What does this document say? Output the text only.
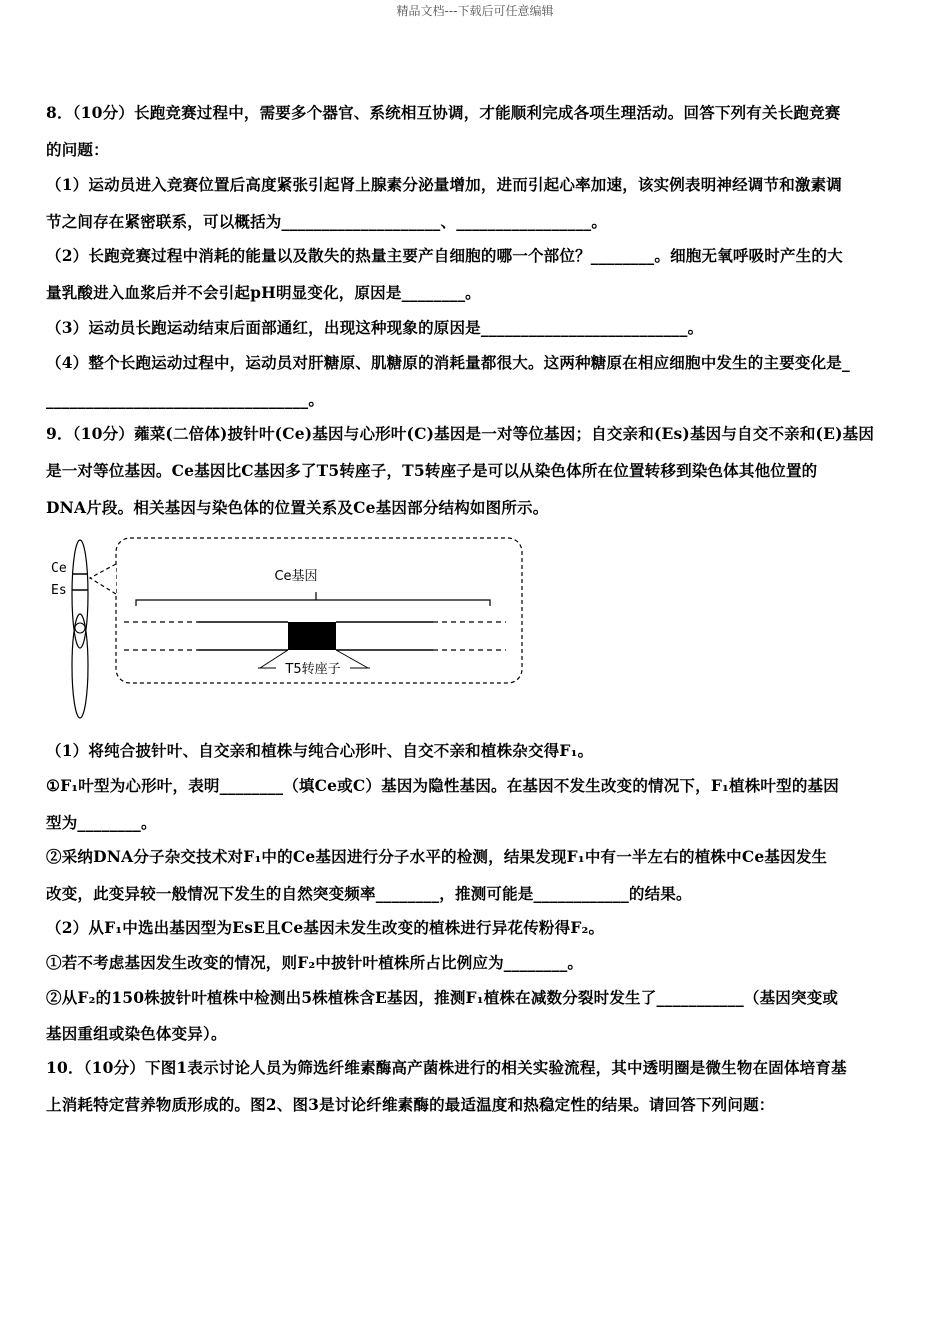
精品文档---下载后可任意编辑
8．（10分）长跑竞赛过程中，需要多个器官、系统相互协调，才能顺利完成各项生理活动。回答下列有关长跑竞赛
的问题：
（1）运动员进入竞赛位置后高度紧张引起肾上腺素分泌量增加，进而引起心率加速，该实例表明神经调节和激素调
节之间存在紧密联系，可以概括为____________________、_________________。
（2）长跑竞赛过程中消耗的能量以及散失的热量主要产自细胞的哪一个部位？________。细胞无氧呼吸时产生的大
量乳酸进入血浆后并不会引起pH明显变化，原因是________。
（3）运动员长跑运动结束后面部通红，出现这种现象的原因是__________________________。
（4）整个长跑运动过程中，运动员对肝糖原、肌糖原的消耗量都很大。这两种糖原在相应细胞中发生的主要变化是_
_________________________________。
9．（10分）蕹菜(二倍体)披针叶(Ce)基因与心形叶(C)基因是一对等位基因；自交亲和(Es)基因与自交不亲和(E)基因
是一对等位基因。Ce基因比C基因多了T5转座子，T5转座子是可以从染色体所在位置转移到染色体其他位置的
DNA片段。相关基因与染色体的位置关系及Ce基因部分结构如图所示。
Ce
Es
Ce基因
T5转座子
（1）将纯合披针叶、自交亲和植株与纯合心形叶、自交不亲和植株杂交得F₁。
①F₁叶型为心形叶，表明________（填Ce或C）基因为隐性基因。在基因不发生改变的情况下，F₁植株叶型的基因
型为________。
②采纳DNA分子杂交技术对F₁中的Ce基因进行分子水平的检测，结果发现F₁中有一半左右的植株中Ce基因发生
改变，此变异较一般情况下发生的自然突变频率________，推测可能是____________的结果。
（2）从F₁中选出基因型为EsE且Ce基因未发生改变的植株进行异花传粉得F₂。
①若不考虑基因发生改变的情况，则F₂中披针叶植株所占比例应为________。
②从F₂的150株披针叶植株中检测出5株植株含E基因，推测F₁植株在减数分裂时发生了___________（基因突变或
基因重组或染色体变异）。
10．（10分）下图1表示讨论人员为筛选纤维素酶高产菌株进行的相关实验流程，其中透明圈是微生物在固体培育基
上消耗特定营养物质形成的。图2、图3是讨论纤维素酶的最适温度和热稳定性的结果。请回答下列问题：
